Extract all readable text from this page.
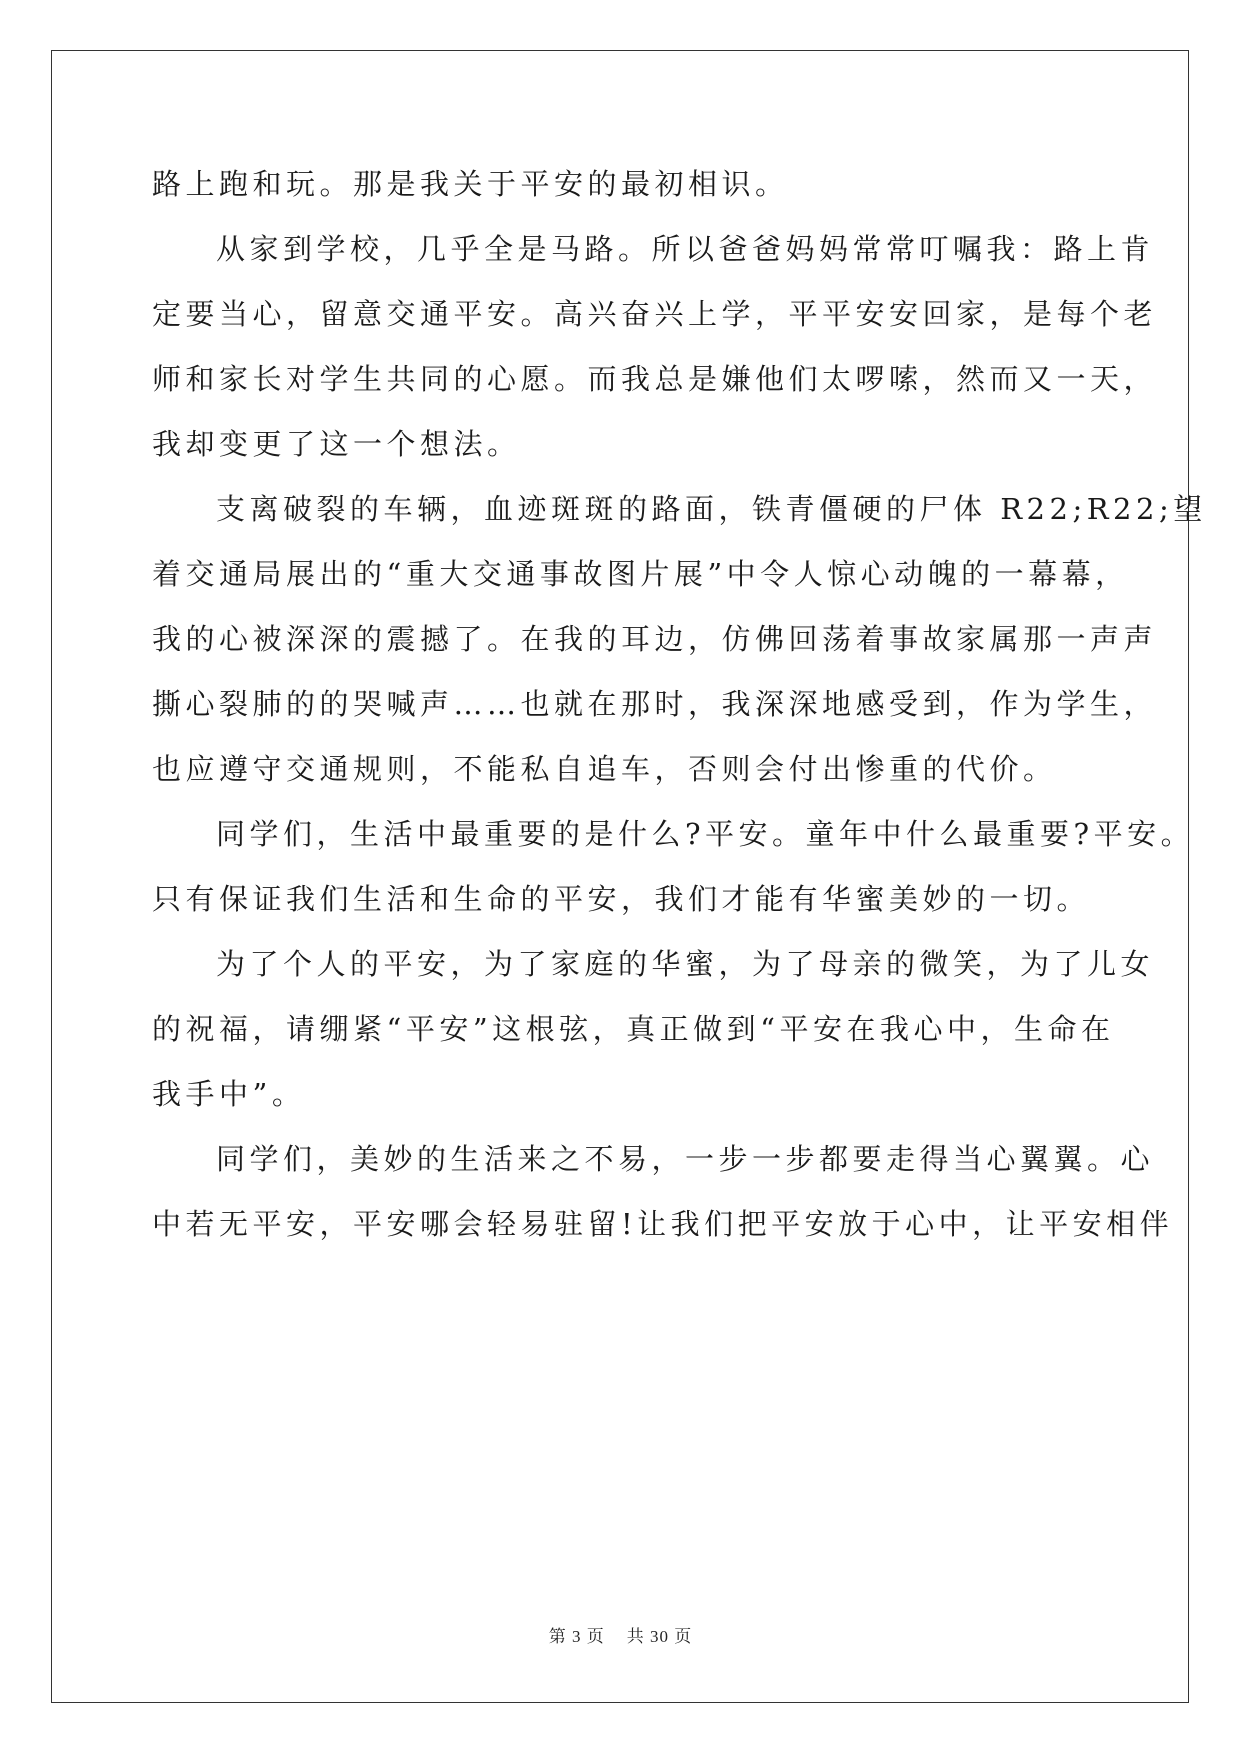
路上跑和玩。那是我关于平安的最初相识。
从家到学校，几乎全是马路。所以爸爸妈妈常常叮嘱我：路上肯
定要当心，留意交通平安。高兴奋兴上学，平平安安回家，是每个老
师和家长对学生共同的心愿。而我总是嫌他们太啰嗦，然而又一天，
我却变更了这一个想法。
支离破裂的车辆，血迹斑斑的路面，铁青僵硬的尸体 R22;R22;望
着交通局展出的“重大交通事故图片展”中令人惊心动魄的一幕幕，
我的心被深深的震撼了。在我的耳边，仿佛回荡着事故家属那一声声
撕心裂肺的的哭喊声……也就在那时，我深深地感受到，作为学生，
也应遵守交通规则，不能私自追车，否则会付出惨重的代价。
同学们，生活中最重要的是什么?平安。童年中什么最重要?平安。
只有保证我们生活和生命的平安，我们才能有华蜜美妙的一切。
为了个人的平安，为了家庭的华蜜，为了母亲的微笑，为了儿女
的祝福，请绷紧“平安”这根弦，真正做到“平安在我心中，生命在
我手中”。
同学们，美妙的生活来之不易，一步一步都要走得当心翼翼。心
中若无平安，平安哪会轻易驻留!让我们把平安放于心中，让平安相伴
第 3 页 共 30 页
